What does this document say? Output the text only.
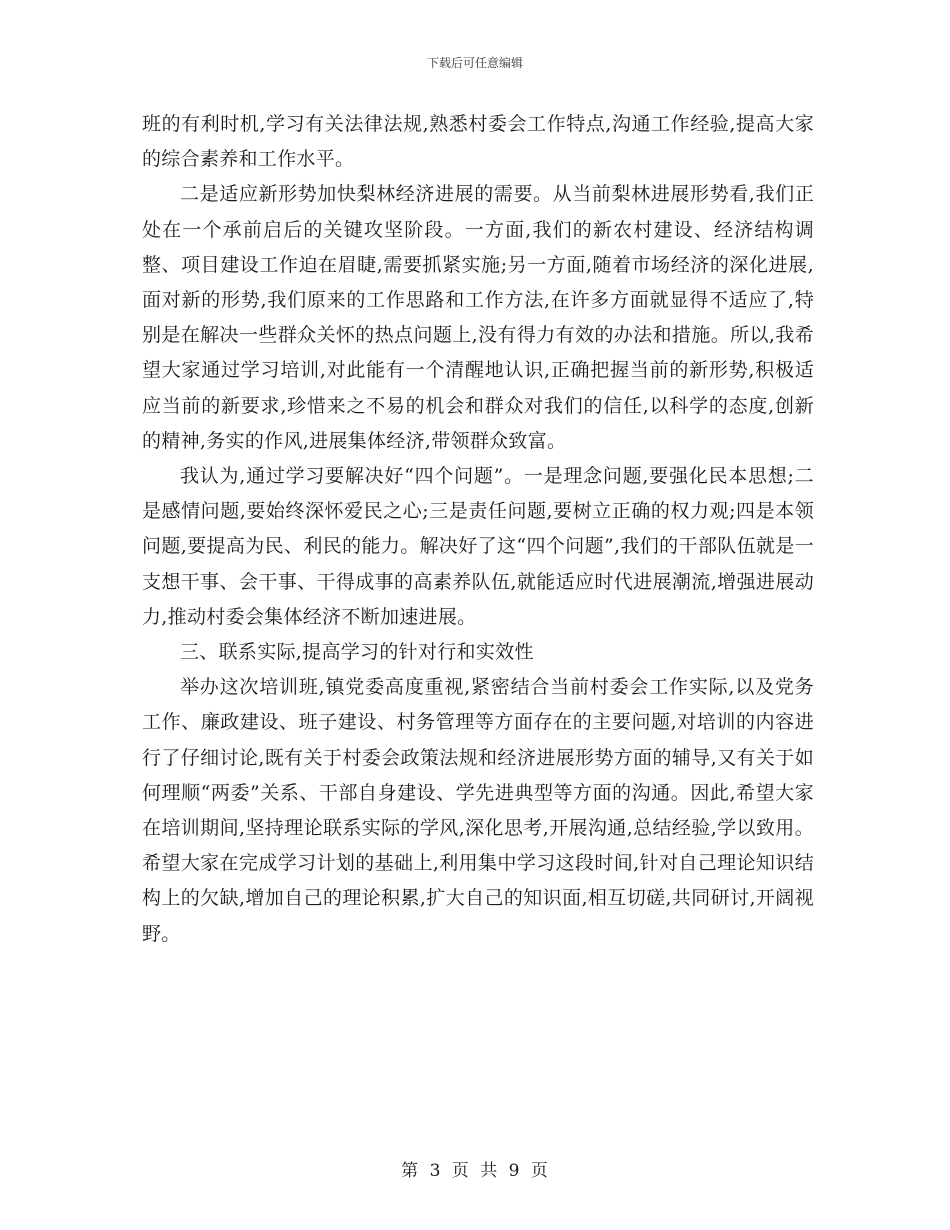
下载后可任意编辑

班的有利时机,学习有关法律法规,熟悉村委会工作特点,沟通工作经验,提高大家的综合素养和工作水平。

二是适应新形势加快梨林经济进展的需要。从当前梨林进展形势看,我们正处在一个承前启后的关键攻坚阶段。一方面,我们的新农村建设、经济结构调整、项目建设工作迫在眉睫,需要抓紧实施;另一方面,随着市场经济的深化进展,面对新的形势,我们原来的工作思路和工作方法,在许多方面就显得不适应了,特别是在解决一些群众关怀的热点问题上,没有得力有效的办法和措施。所以,我希望大家通过学习培训,对此能有一个清醒地认识,正确把握当前的新形势,积极适应当前的新要求,珍惜来之不易的机会和群众对我们的信任,以科学的态度,创新的精神,务实的作风,进展集体经济,带领群众致富。

我认为,通过学习要解决好“四个问题”。一是理念问题,要强化民本思想;二是感情问题,要始终深怀爱民之心;三是责任问题,要树立正确的权力观;四是本领问题,要提高为民、利民的能力。解决好了这“四个问题”,我们的干部队伍就是一支想干事、会干事、干得成事的高素养队伍,就能适应时代进展潮流,增强进展动力,推动村委会集体经济不断加速进展。

三、联系实际,提高学习的针对行和实效性

举办这次培训班,镇党委高度重视,紧密结合当前村委会工作实际,以及党务工作、廉政建设、班子建设、村务管理等方面存在的主要问题,对培训的内容进行了仔细讨论,既有关于村委会政策法规和经济进展形势方面的辅导,又有关于如何理顺“两委”关系、干部自身建设、学先进典型等方面的沟通。因此,希望大家在培训期间,坚持理论联系实际的学风,深化思考,开展沟通,总结经验,学以致用。希望大家在完成学习计划的基础上,利用集中学习这段时间,针对自己理论知识结构上的欠缺,增加自己的理论积累,扩大自己的知识面,相互切磋,共同研讨,开阔视野。

第 3 页 共 9 页
